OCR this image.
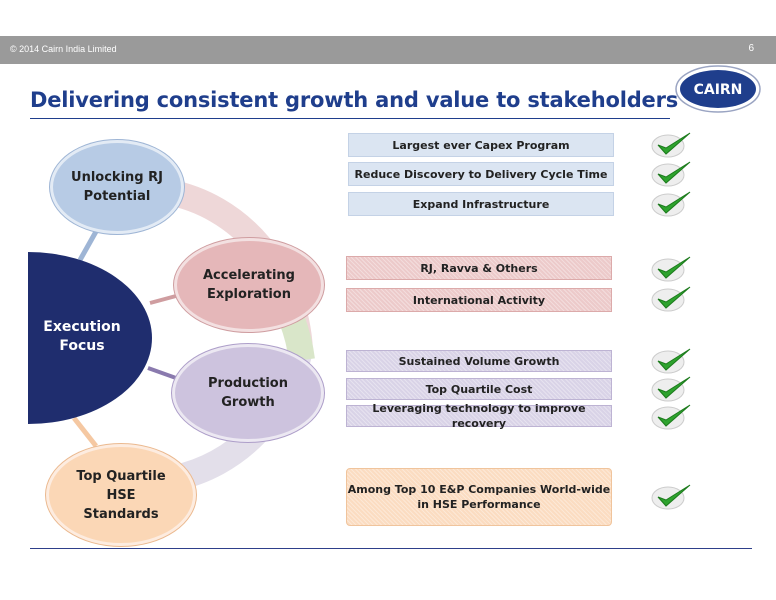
© 2014 Cairn India Limited	6
Delivering consistent growth and value to stakeholders CAIRN
Execution
Focus
Unlocking RJ
Potential
Accelerating
Exploration
Production
Growth
Top Quartile
HSE
Standards
Largest ever Capex Program
Reduce Discovery to Delivery Cycle Time
Expand Infrastructure
RJ, Ravva & Others
International Activity
Sustained Volume Growth
Top Quartile Cost
Leveraging technology to improve recovery
Among Top 10 E&P Companies World-wide
in HSE Performance
